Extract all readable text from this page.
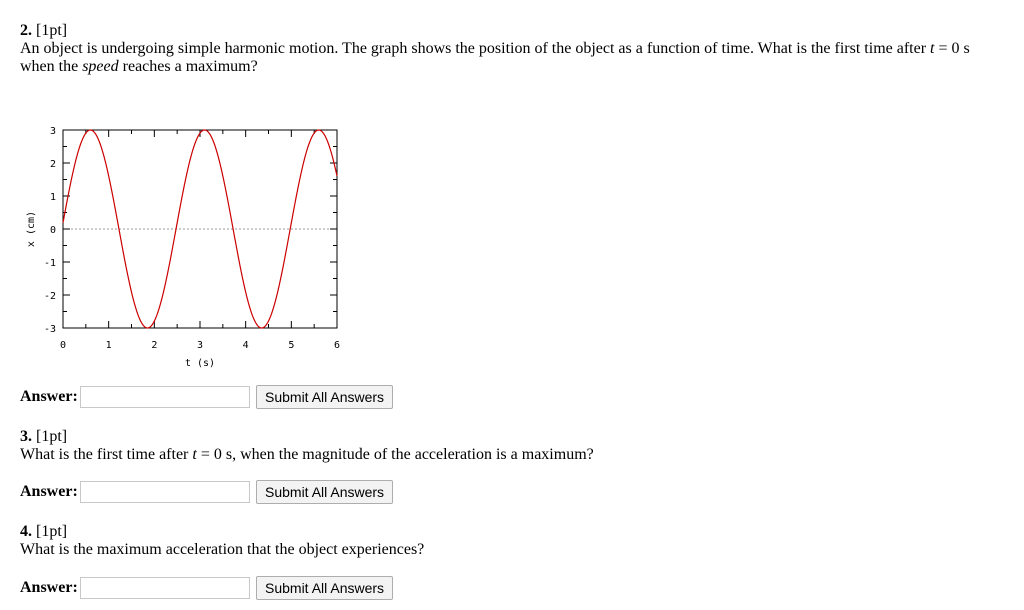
2. [1pt]
An object is undergoing simple harmonic motion. The graph shows the position of the object as a function of time. What is the first time after t = 0 s
when the speed reaches a maximum?
0	1	2	3	4	5	6
3
2
1
0
-1
-2
-3
t (s)
x (cm)
Answer:	Submit All Answers
3. [1pt]
What is the first time after t = 0 s, when the magnitude of the acceleration is a maximum?
Answer:	Submit All Answers
4. [1pt]
What is the maximum acceleration that the object experiences?
Answer:	Submit All Answers
